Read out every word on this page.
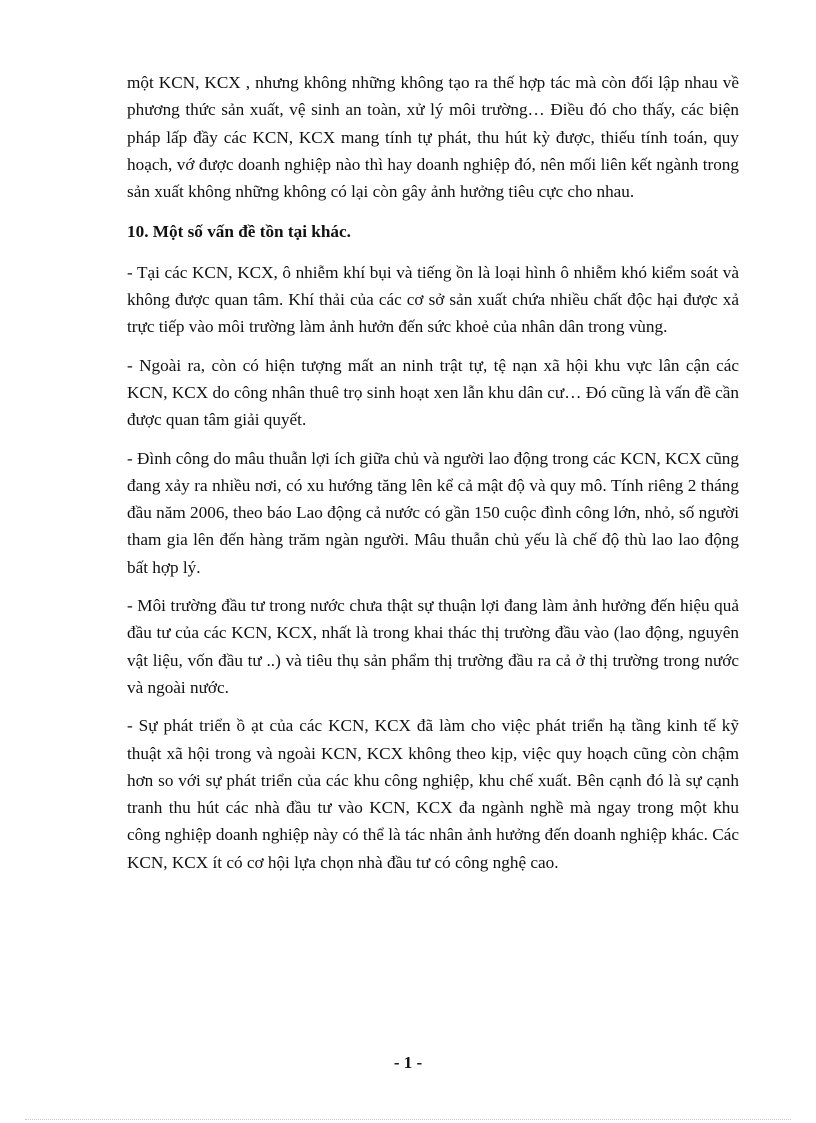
một KCN, KCX , nhưng không những không tạo ra thế hợp tác mà còn đối lập nhau về phương thức sản xuất, vệ sinh an toàn, xử lý môi trường… Điều đó cho thấy, các biện pháp lấp đầy các KCN, KCX mang tính tự phát, thu hút kỳ được, thiếu tính toán, quy hoạch, vớ được doanh nghiệp nào thì hay doanh nghiệp đó, nên mối liên kết ngành trong sản xuất không những không có lại còn gây ảnh hưởng tiêu cực cho nhau.

10. Một số vấn đề tồn tại khác.

- Tại các KCN, KCX, ô nhiễm khí bụi và tiếng ồn là loại hình ô nhiễm khó kiểm soát và không được quan tâm. Khí thải của các cơ sở sản xuất chứa nhiều chất độc hại được xả trực tiếp vào môi trường làm ảnh hưởn đến sức khoẻ của nhân dân trong vùng.

- Ngoài ra, còn có hiện tượng mất an ninh trật tự, tệ nạn xã hội khu vực lân cận các KCN, KCX do công nhân thuê trọ sinh hoạt xen lẫn khu dân cư… Đó cũng là vấn đề cần được quan tâm giải quyết.

- Đình công do mâu thuẫn lợi ích giữa chủ và người lao động trong các KCN, KCX cũng đang xảy ra nhiều nơi, có xu hướng tăng lên kể cả mật độ và quy mô. Tính riêng 2 tháng đầu năm 2006, theo báo Lao động cả nước có gần 150 cuộc đình công lớn, nhỏ, số người tham gia lên đến hàng trăm ngàn người. Mâu thuẫn chủ yếu là chế độ thù lao lao động bất hợp lý.

- Môi trường đầu tư trong nước chưa thật sự thuận lợi đang làm ảnh hưởng đến hiệu quả đầu tư của các KCN, KCX, nhất là trong khai thác thị trường đầu vào (lao động, nguyên vật liệu, vốn đầu tư ..) và tiêu thụ sản phẩm thị trường đầu ra cả ở thị trường trong nước và ngoài nước.

- Sự phát triển ồ ạt của các KCN, KCX đã làm cho việc phát triển hạ tầng kinh tế kỹ thuật xã hội trong và ngoài KCN, KCX không theo kịp, việc quy hoạch cũng còn chậm hơn so với sự phát triển của các khu công nghiệp, khu chế xuất. Bên cạnh đó là sự cạnh tranh thu hút các nhà đầu tư vào KCN, KCX đa ngành nghề mà ngay trong một khu công nghiệp doanh nghiệp này có thể là tác nhân ảnh hưởng đến doanh nghiệp khác. Các KCN, KCX ít có cơ hội lựa chọn nhà đầu tư có công nghệ cao.

- 1 -
